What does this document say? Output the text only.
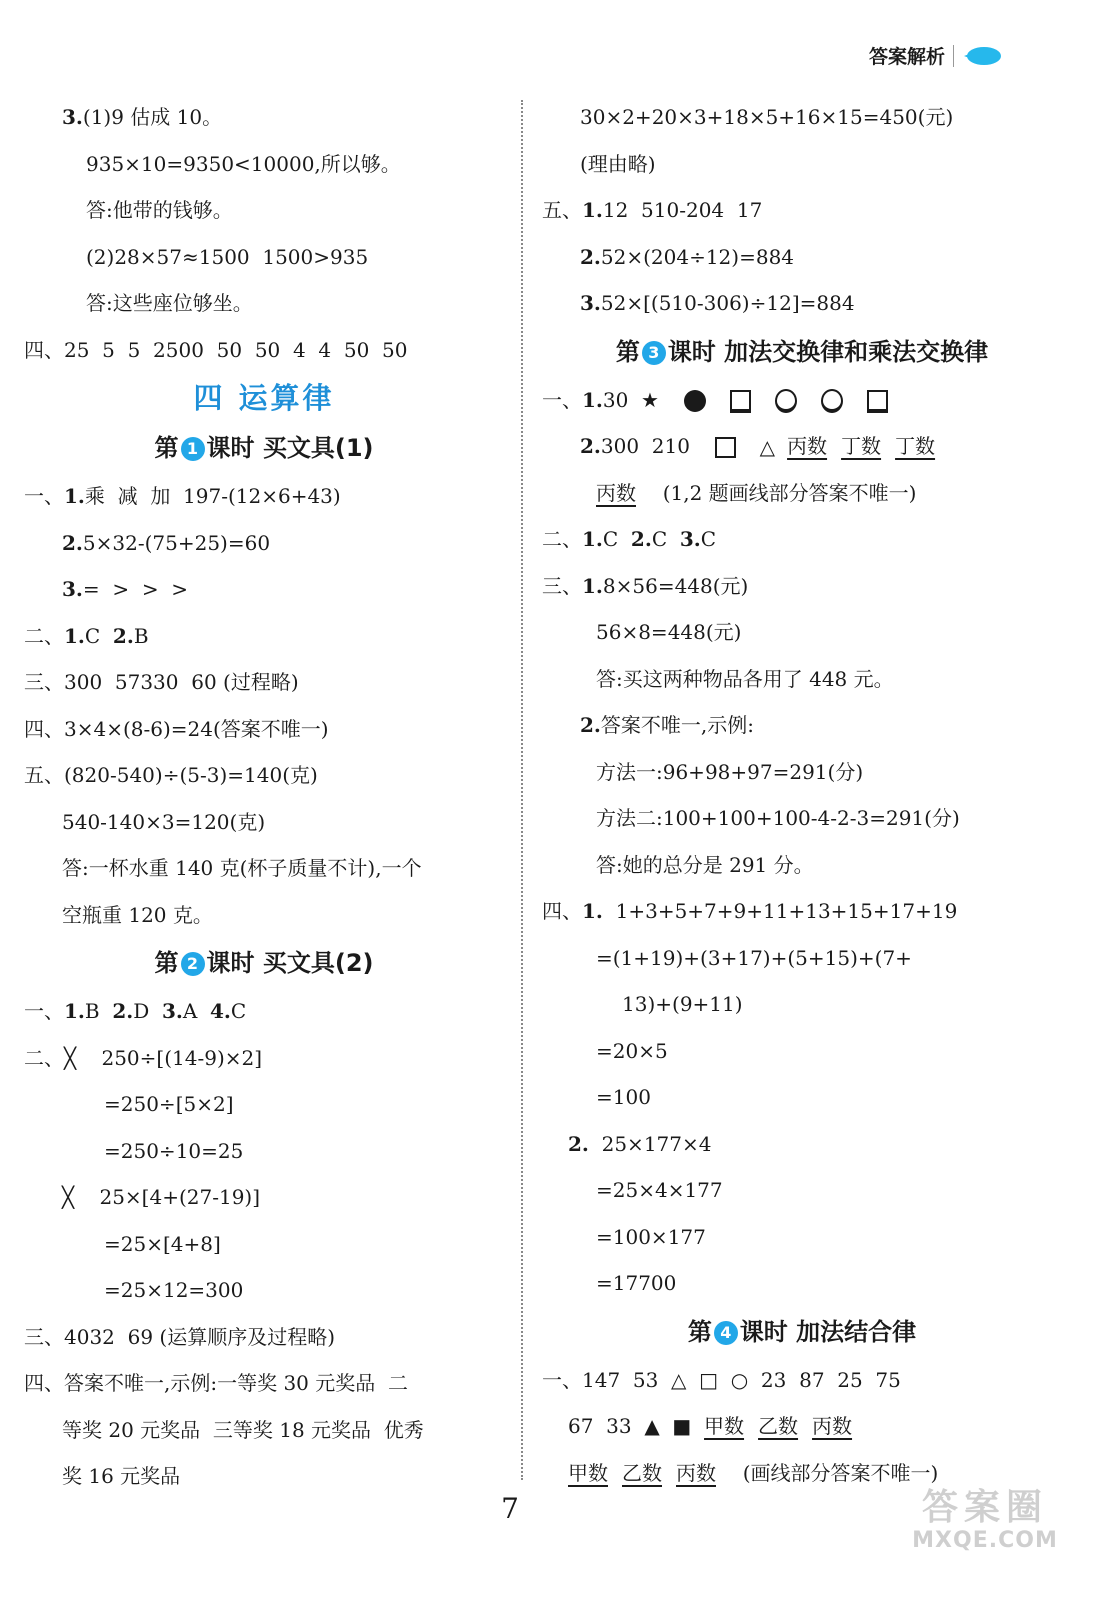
答案解析
3.(1)9 估成 10。
935×10=9350<10000,所以够。
答:他带的钱够。
(2)28×57≈1500  1500>935
答:这些座位够坐。
四、25  5  5  2500  50  50  4  4  50  50
四 运算律
第 1 课时 买文具(1)
一、1.乘  减  加  197-(12×6+43)
2.5×32-(75+25)=60
3.=  >  >  >
二、1.C  2.B
三、300  57330  60 (过程略)
四、3×4×(8-6)=24(答案不唯一)
五、(820-540)÷(5-3)=140(克)
540-140×3=120(克)
答:一杯水重 140 克(杯子质量不计),一个
空瓶重 120 克。
第 2 课时 买文具(2)
一、1.B  2.D  3.A  4.C
二、╳    250÷[(14-9)×2]
=250÷[5×2]
=250÷10=25
╳    25×[4+(27-19)]
=25×[4+8]
=25×12=300
三、4032  69 (运算顺序及过程略)
四、答案不唯一,示例:一等奖 30 元奖品  二
等奖 20 元奖品  三等奖 18 元奖品  优秀
奖 16 元奖品
30×2+20×3+18×5+16×15=450(元)
(理由略)
五、1.12  510-204  17
2.52×(204÷12)=884
3.52×[(510-306)÷12]=884
第 3 课时 加法交换律和乘法交换律
一、1.30  ★
2.300  210	△ 丙数 丁数 丁数
丙数  (1,2 题画线部分答案不唯一)
二、1.C  2.C  3.C
三、1.8×56=448(元)
56×8=448(元)
答:买这两种物品各用了 448 元。
2.答案不唯一,示例:
方法一:96+98+97=291(分)
方法二:100+100+100-4-2-3=291(分)
答:她的总分是 291 分。
四、1.  1+3+5+7+9+11+13+15+17+19
=(1+19)+(3+17)+(5+15)+(7+
13)+(9+11)
=20×5
=100
2.  25×177×4
=25×4×177
=100×177
=17700
第 4 课时 加法结合律
一、147  53  △  □  ○  23  87  25  75
67  33  ▲  ■  甲数 乙数 丙数
甲数 乙数 丙数  (画线部分答案不唯一)
7	答案圈
MXQE.COM
